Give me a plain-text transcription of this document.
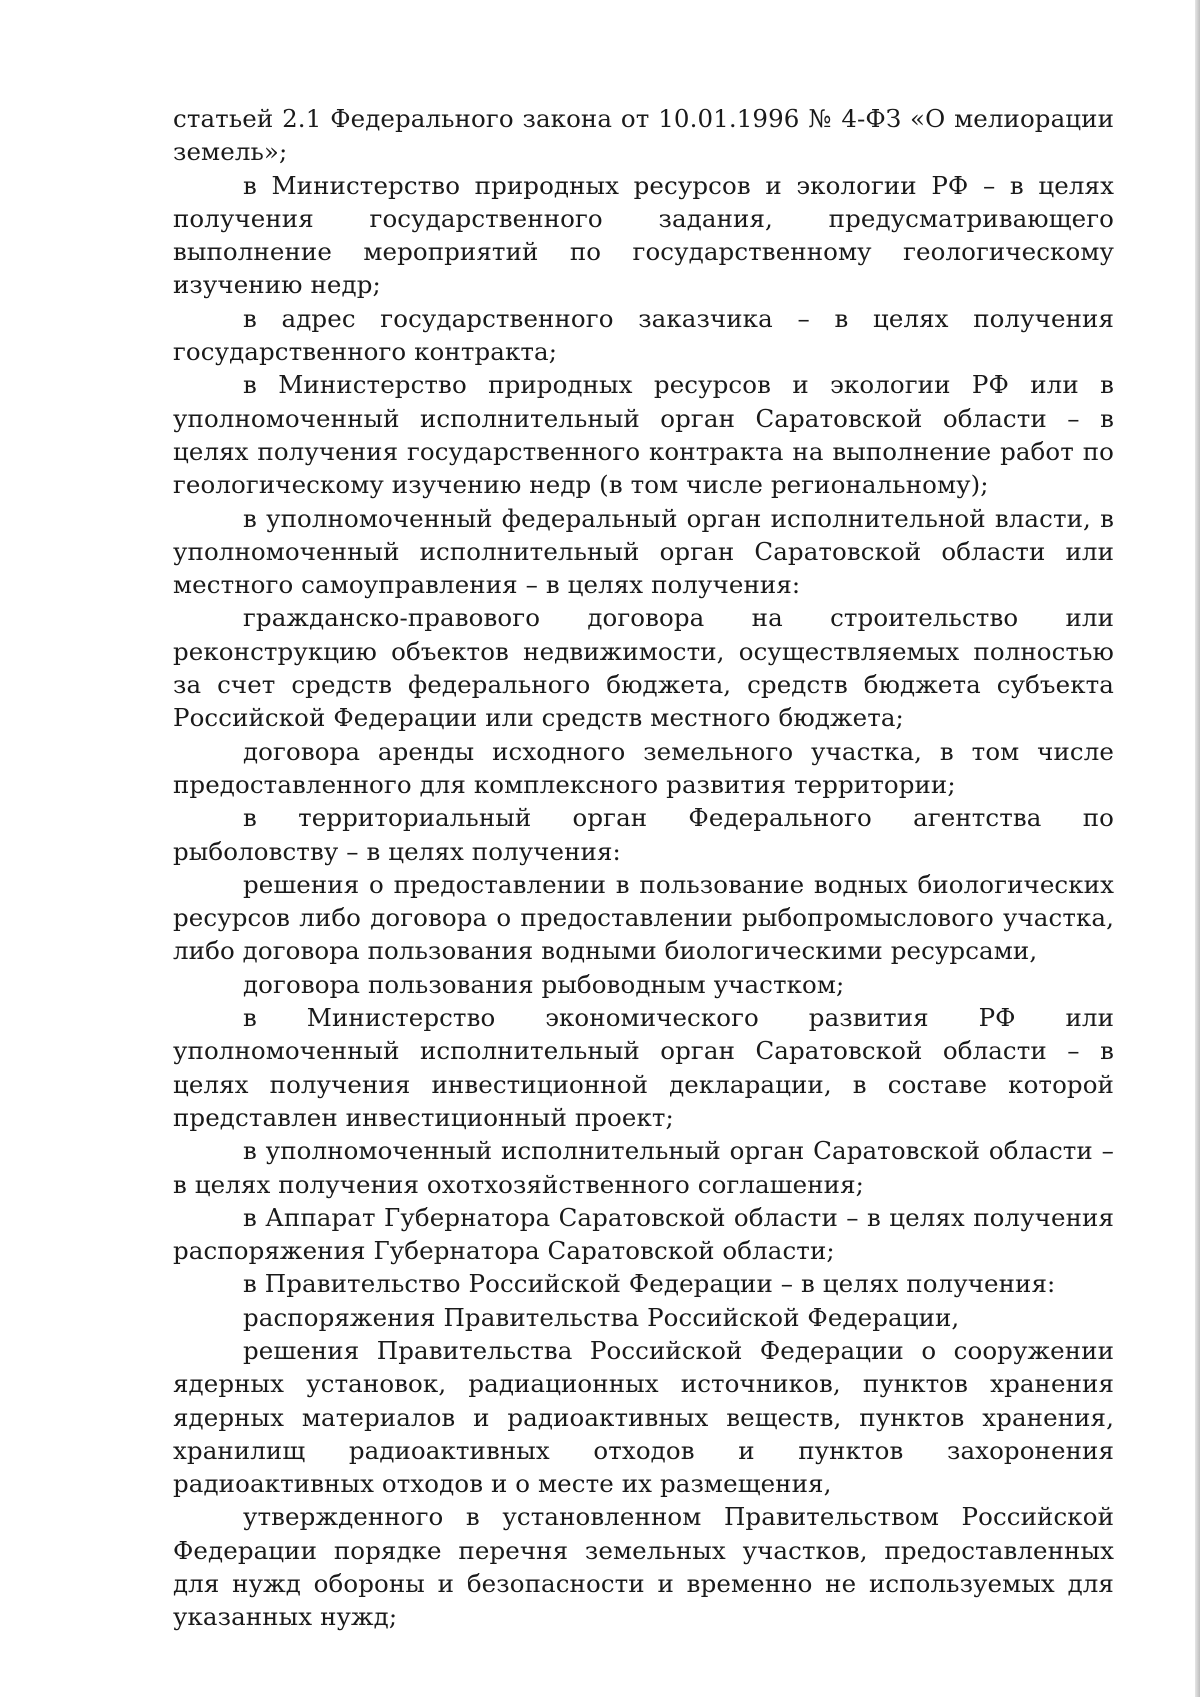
статьей 2.1 Федерального закона от 10.01.1996 № 4-ФЗ «О мелиорации земель»;

в Министерство природных ресурсов и экологии РФ – в целях получения государственного задания, предусматривающего выполнение мероприятий по государственному геологическому изучению недр;

в адрес государственного заказчика – в целях получения государственного контракта;

в Министерство природных ресурсов и экологии РФ или в уполномоченный исполнительный орган Саратовской области – в целях получения государственного контракта на выполнение работ по геологическому изучению недр (в том числе региональному);

в уполномоченный федеральный орган исполнительной власти, в уполномоченный исполнительный орган Саратовской области или местного самоуправления – в целях получения:

гражданско-правового договора на строительство или реконструкцию объектов недвижимости, осуществляемых полностью за счет средств федерального бюджета, средств бюджета субъекта Российской Федерации или средств местного бюджета;

договора аренды исходного земельного участка, в том числе предоставленного для комплексного развития территории;

в территориальный орган Федерального агентства по рыболовству – в целях получения:

решения о предоставлении в пользование водных биологических ресурсов либо договора о предоставлении рыбопромыслового участка, либо договора пользования водными биологическими ресурсами,

договора пользования рыбоводным участком;

в Министерство экономического развития РФ или уполномоченный исполнительный орган Саратовской области – в целях получения инвестиционной декларации, в составе которой представлен инвестиционный проект;

в уполномоченный исполнительный орган Саратовской области – в целях получения охотхозяйственного соглашения;

в Аппарат Губернатора Саратовской области – в целях получения распоряжения Губернатора Саратовской области;

в Правительство Российской Федерации – в целях получения:

распоряжения Правительства Российской Федерации,

решения Правительства Российской Федерации о сооружении ядерных установок, радиационных источников, пунктов хранения ядерных материалов и радиоактивных веществ, пунктов хранения, хранилищ радиоактивных отходов и пунктов захоронения радиоактивных отходов и о месте их размещения,

утвержденного в установленном Правительством Российской Федерации порядке перечня земельных участков, предоставленных для нужд обороны и безопасности и временно не используемых для указанных нужд;
